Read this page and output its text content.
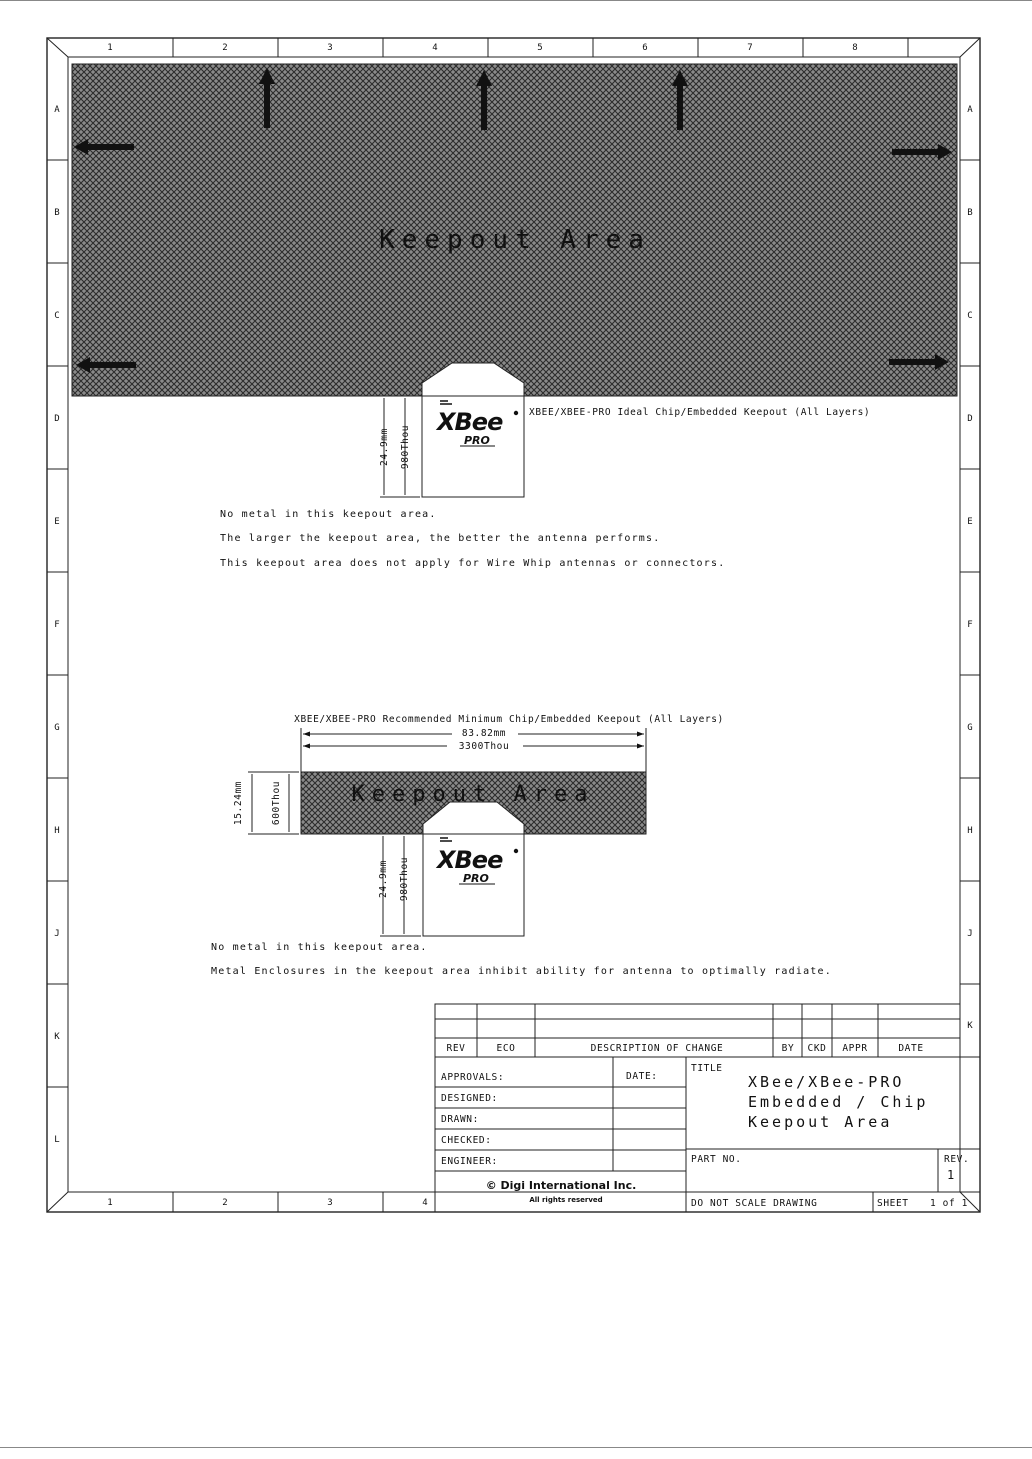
1	2	3	4	5	6	7	8
1	2	3	4
A
B
C
D
E
F
G
H
J
K
L
A
B
C
D
E
F
G
H
J
K
Keepout Area
XBee
PRO
XBEE/XBEE-PRO Ideal Chip/Embedded Keepout (All Layers)
24.9mm 980Thou
No metal in this keepout area.
The larger the keepout area, the better the antenna performs.
This keepout area does not apply for Wire Whip antennas or connectors.
XBEE/XBEE-PRO Recommended Minimum Chip/Embedded Keepout (All Layers)
83.82mm
3300Thou
Keepout Area
15.24mm	600Thou
XBee
PRO
24.9mm 980Thou
No metal in this keepout area.
Metal Enclosures in the keepout area inhibit ability for antenna to optimally radiate.
REV	ECO	DESCRIPTION OF CHANGE	BY CKD APPR	DATE
APPROVALS:	DATE:
DESIGNED:
DRAWN:
CHECKED:
ENGINEER:
© Digi International Inc.
All rights reserved
TITLE
XBee/XBee-PRO
Embedded / Chip
Keepout Area
PART NO.	REV.
1
DO NOT SCALE DRAWING	SHEET 1 of 1
